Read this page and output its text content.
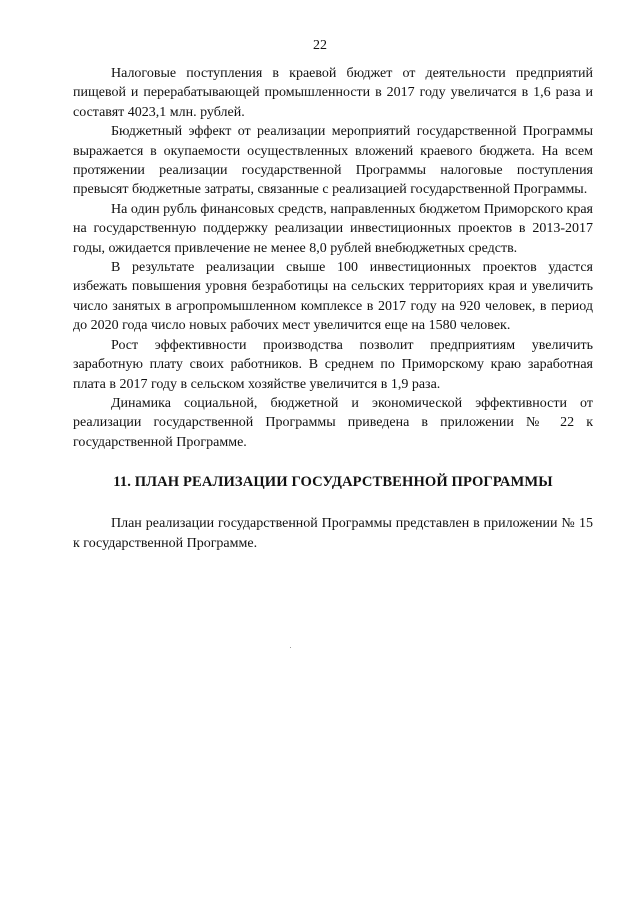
22

Налоговые поступления в краевой бюджет от деятельности предприятий пищевой и перерабатывающей промышленности в 2017 году увеличатся в 1,6 раза и составят 4023,1 млн. рублей.

Бюджетный эффект от реализации мероприятий государственной Программы выражается в окупаемости осуществленных вложений краевого бюджета. На всем протяжении реализации государственной Программы налоговые поступления превысят бюджетные затраты, связанные с реализацией государственной Программы.

На один рубль финансовых средств, направленных бюджетом Приморского края на государственную поддержку реализации инвестиционных проектов в 2013-2017 годы, ожидается привлечение не менее 8,0 рублей внебюджетных средств.

В результате реализации свыше 100 инвестиционных проектов удастся избежать повышения уровня безработицы на сельских территориях края и увеличить число занятых в агропромышленном комплексе в 2017 году на 920 человек, в период до 2020 года число новых рабочих мест увеличится еще на 1580 человек.

Рост эффективности производства позволит предприятиям увеличить заработную плату своих работников. В среднем по Приморскому краю заработная плата в 2017 году в сельском хозяйстве увеличится в 1,9 раза.

Динамика социальной, бюджетной и экономической эффективности от реализации государственной Программы приведена в приложении № 22 к государственной Программе.

11. ПЛАН РЕАЛИЗАЦИИ ГОСУДАРСТВЕННОЙ ПРОГРАММЫ

План реализации государственной Программы представлен в приложении № 15 к государственной Программе.
